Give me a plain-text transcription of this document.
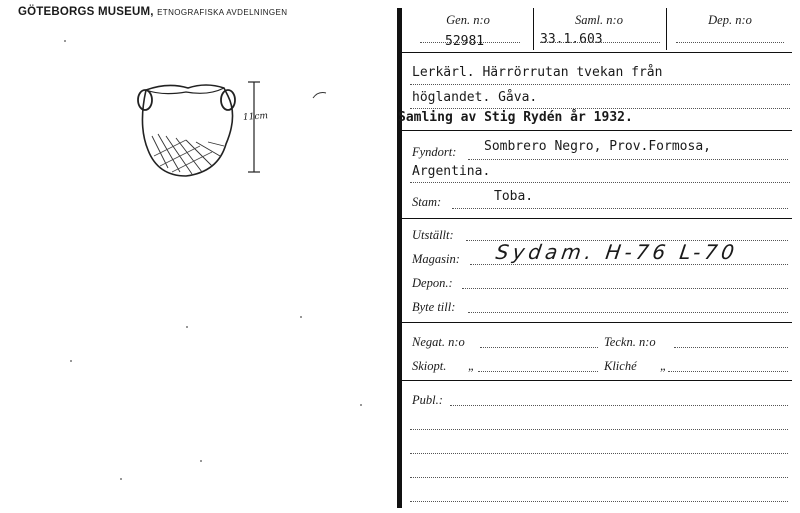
GÖTEBORGS MUSEUM, ETNOGRAFISKA AVDELNINGEN
11cm
Gen. n:o	Saml. n:o	Dep. n:o
52981	33.1.603
Lerkärl. Härrörrutan tvekan från
höglandet. Gåva.
Samling av Stig Rydén år 1932.
Fyndort: Sombrero Negro, Prov.Formosa,
Argentina.
Stam:	Toba.
Utställt:
Magasin: Sydam. H-76 L-70
Depon.:
Byte till:
Negat. n:o	Teckn. n:o
Skiopt. „	Kliché „
Publ.:
